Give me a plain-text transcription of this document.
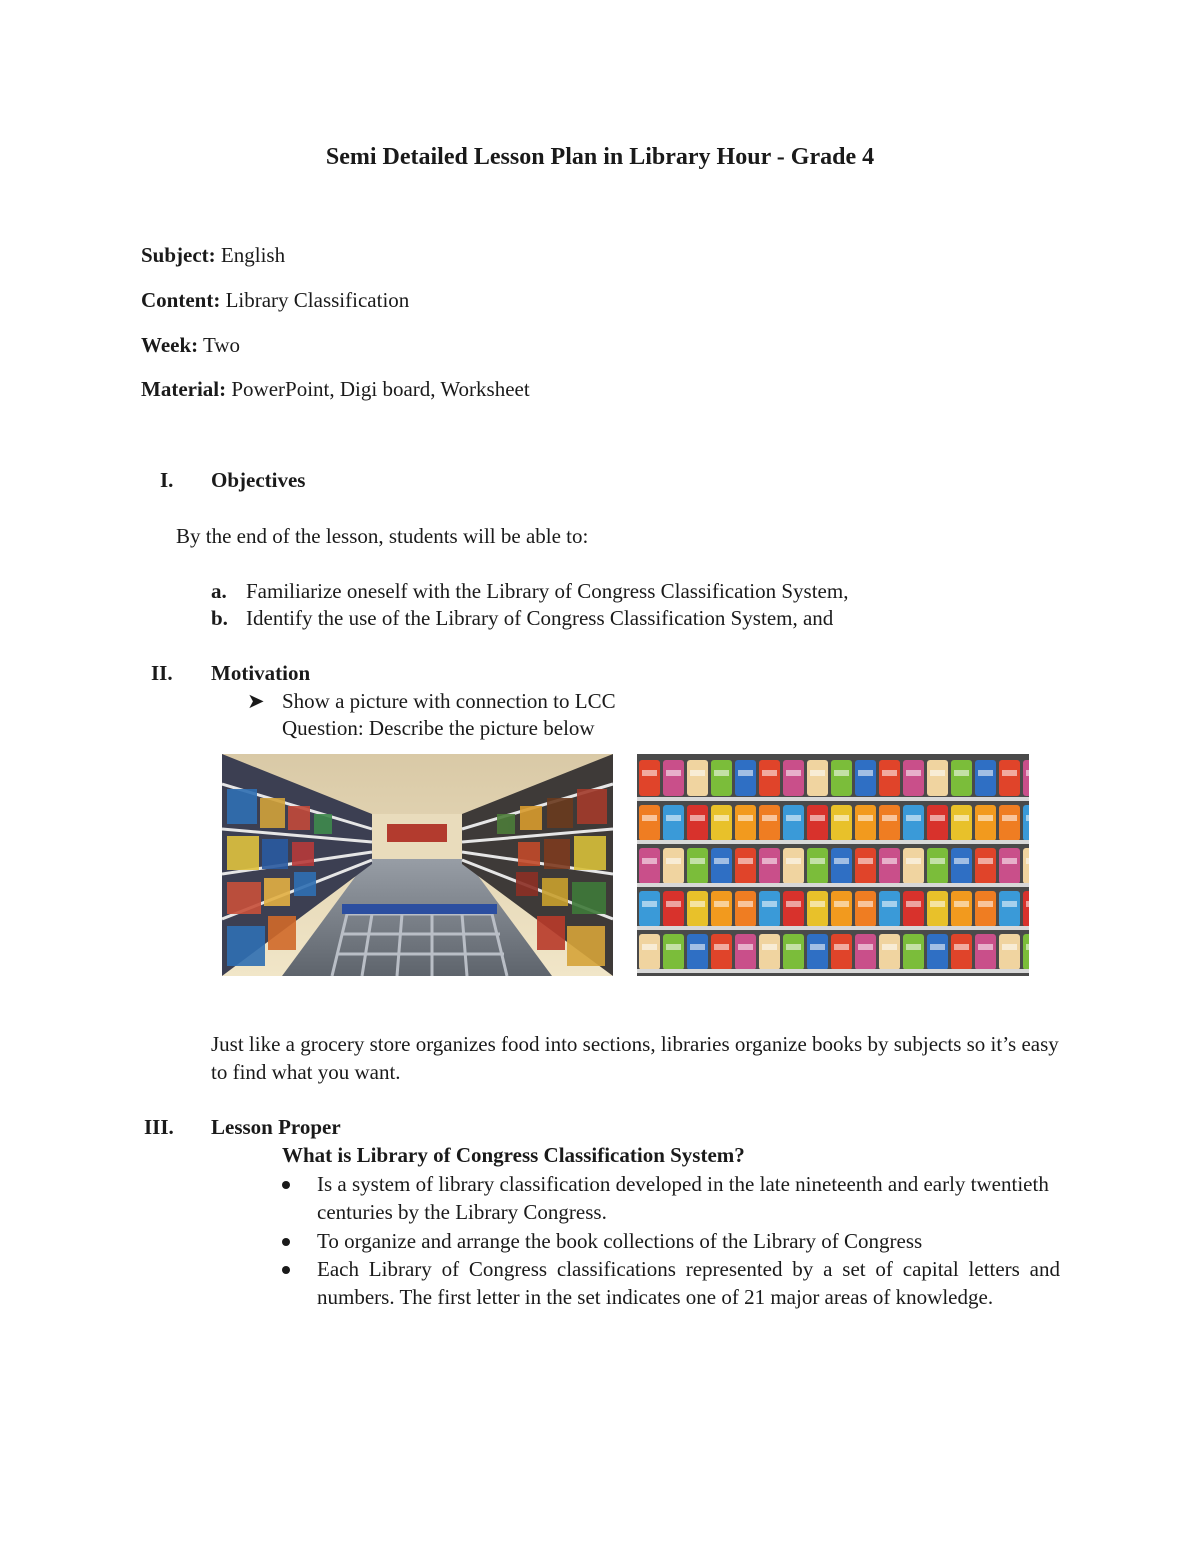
Semi Detailed Lesson Plan in Library Hour - Grade 4
Subject: English
Content: Library Classification
Week: Two
Material: PowerPoint, Digi board, Worksheet
I. Objectives
By the end of the lesson, students will be able to:
a. Familiarize oneself with the Library of Congress Classification System,
b. Identify the use of the Library of Congress Classification System, and
II. Motivation
➤ Show a picture with connection to LCC
Question: Describe the picture below
Just like a grocery store organizes food into sections, libraries organize books by subjects so it’s easy to find what you want.
III. Lesson Proper
What is Library of Congress Classification System?
Is a system of library classification developed in the late nineteenth and early twentieth centuries by the Library Congress.
To organize and arrange the book collections of the Library of Congress
Each Library of Congress classifications represented by a set of capital letters and numbers. The first letter in the set indicates one of 21 major areas of knowledge.
